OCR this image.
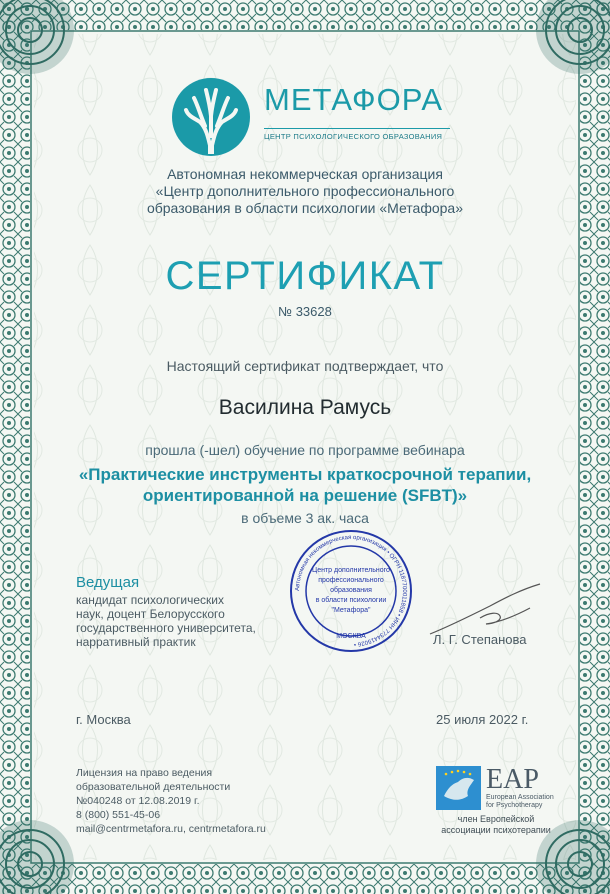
МЕТАФОРА
ЦЕНТР ПСИХОЛОГИЧЕСКОГО ОБРАЗОВАНИЯ
Автономная некоммерческая организация
«Центр дополнительного профессионального
образования в области психологии «Метафора»
СЕРТИФИКАТ
№ 33628
Настоящий сертификат подтверждает, что
Василина Рамусь
прошла (-шел) обучение по программе вебинара
«Практические инструменты краткосрочной терапии,
ориентированной на решение (SFBT)»
в объеме 3 ак. часа
Автономная некоммерческая организация • ОГРН 1187700011858 • ИНН 7734415026 •
МОСКВА
Центр дополнительного
профессионального
образования
в области психологии
"Метафора"
Ведущая
кандидат психологических
наук, доцент Белорусского
государственного университета,
нарративный практик	Л. Г. Степанова
г. Москва	25 июля 2022 г.
Лицензия на право ведения
образовательной деятельности
№040248 от 12.08.2019 г.
8 (800) 551-45-06
mail@centrmetafora.ru, centrmetafora.ru
EAP
European Association
for Psychotherapy
член Европейской
ассоциации психотерапии
